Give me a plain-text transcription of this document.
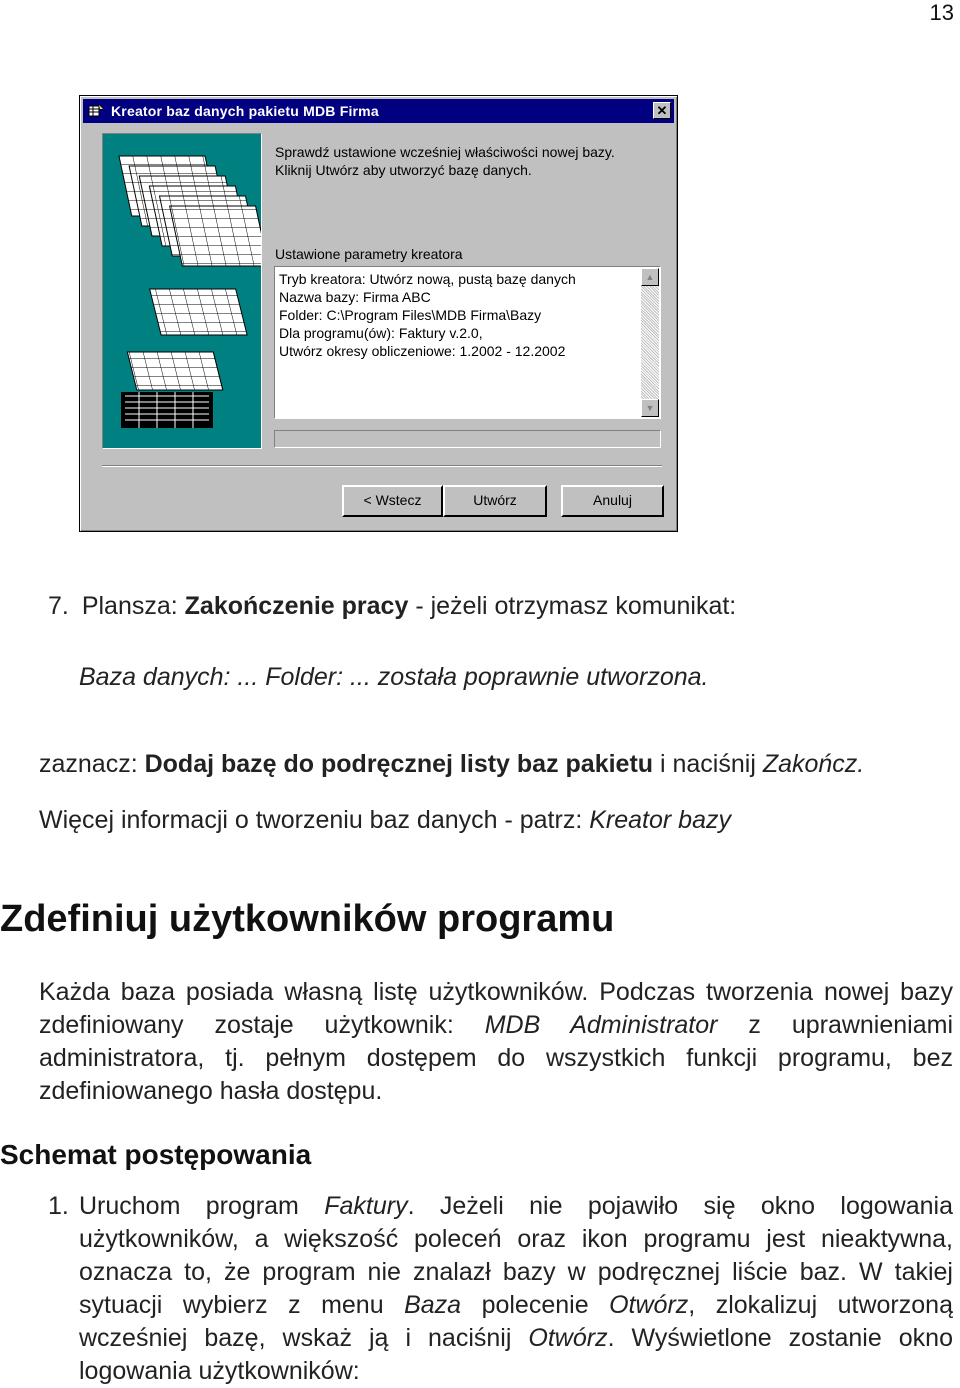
13
Kreator baz danych pakietu MDB Firma	✕
Sprawdź ustawione wcześniej właściwości nowej bazy.
Kliknij Utwórz aby utworzyć bazę danych.
Ustawione parametry kreatora
Tryb kreatora: Utwórz nową, pustą bazę danych
Nazwa bazy: Firma ABC
Folder: C:\Program Files\MDB Firma\Bazy
Dla programu(ów): Faktury v.2.0,
Utwórz okresy obliczeniowe: 1.2002 - 12.2002
▲
▼
< Wstecz	Utwórz	Anuluj
7. Plansza: Zakończenie pracy - jeżeli otrzymasz komunikat:
Baza danych: ... Folder: ... została poprawnie utworzona.
zaznacz: Dodaj bazę do podręcznej listy baz pakietu i naciśnij Zakończ.
Więcej informacji o tworzeniu baz danych - patrz: Kreator bazy
Zdefiniuj użytkowników programu
Każda baza posiada własną listę użytkowników. Podczas tworzenia nowej bazy zdefiniowany zostaje użytkownik: MDB Administrator z uprawnieniami administratora, tj. pełnym dostępem do wszystkich funkcji programu, bez zdefiniowanego hasła dostępu.
Schemat postępowania
1. Uruchom program Faktury. Jeżeli nie pojawiło się okno logowania użytkowników, a większość poleceń oraz ikon programu jest nieaktywna, oznacza to, że program nie znalazł bazy w podręcznej liście baz. W takiej sytuacji wybierz z menu Baza polecenie Otwórz, zlokalizuj utworzoną wcześniej bazę, wskaż ją i naciśnij Otwórz. Wyświetlone zostanie okno logowania użytkowników:
